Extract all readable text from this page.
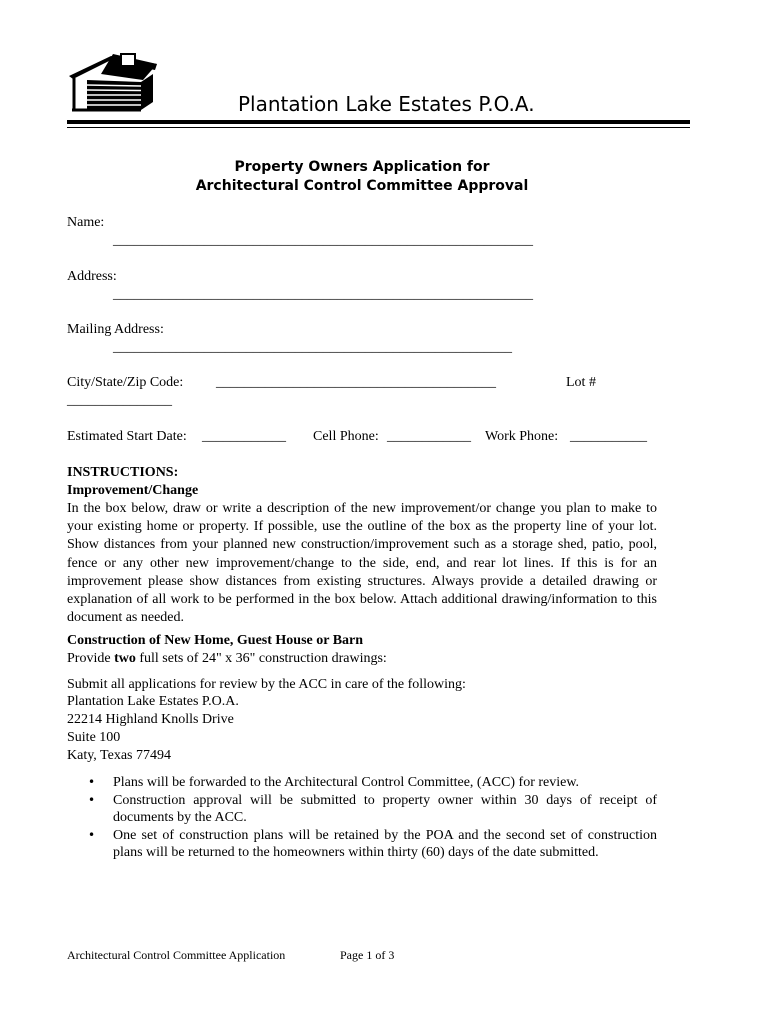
Plantation Lake Estates P.O.A.
Property Owners Application for
Architectural Control Committee Approval
Name:
____________________________________________________________
Address:
____________________________________________________________
Mailing Address:
_________________________________________________________
City/State/Zip Code: ________________________________________	Lot #
_______________
Estimated Start Date: ____________ Cell Phone: ____________ Work Phone: ___________
INSTRUCTIONS:
Improvement/Change
In the box below, draw or write a description of the new improvement/or change you plan to make to your existing home or property. If possible, use the outline of the box as the property line of your lot. Show distances from your planned new construction/improvement such as a storage shed, patio, pool, fence or any other new improvement/change to the side, end, and rear lot lines. If this is for an improvement please show distances from existing structures. Always provide a detailed drawing or explanation of all work to be performed in the box below. Attach additional drawing/information to this document as needed.
Construction of New Home, Guest House or Barn
Provide two full sets of 24" x 36" construction drawings:
Submit all applications for review by the ACC in care of the following:
Plantation Lake Estates P.O.A.
22214 Highland Knolls Drive
Suite 100
Katy, Texas 77494
• Plans will be forwarded to the Architectural Control Committee, (ACC) for review.
• Construction approval will be submitted to property owner within 30 days of receipt of documents by the ACC.
• One set of construction plans will be retained by the POA and the second set of construction plans will be returned to the homeowners within thirty (60) days of the date submitted.
Architectural Control Committee Application	Page 1 of 3
